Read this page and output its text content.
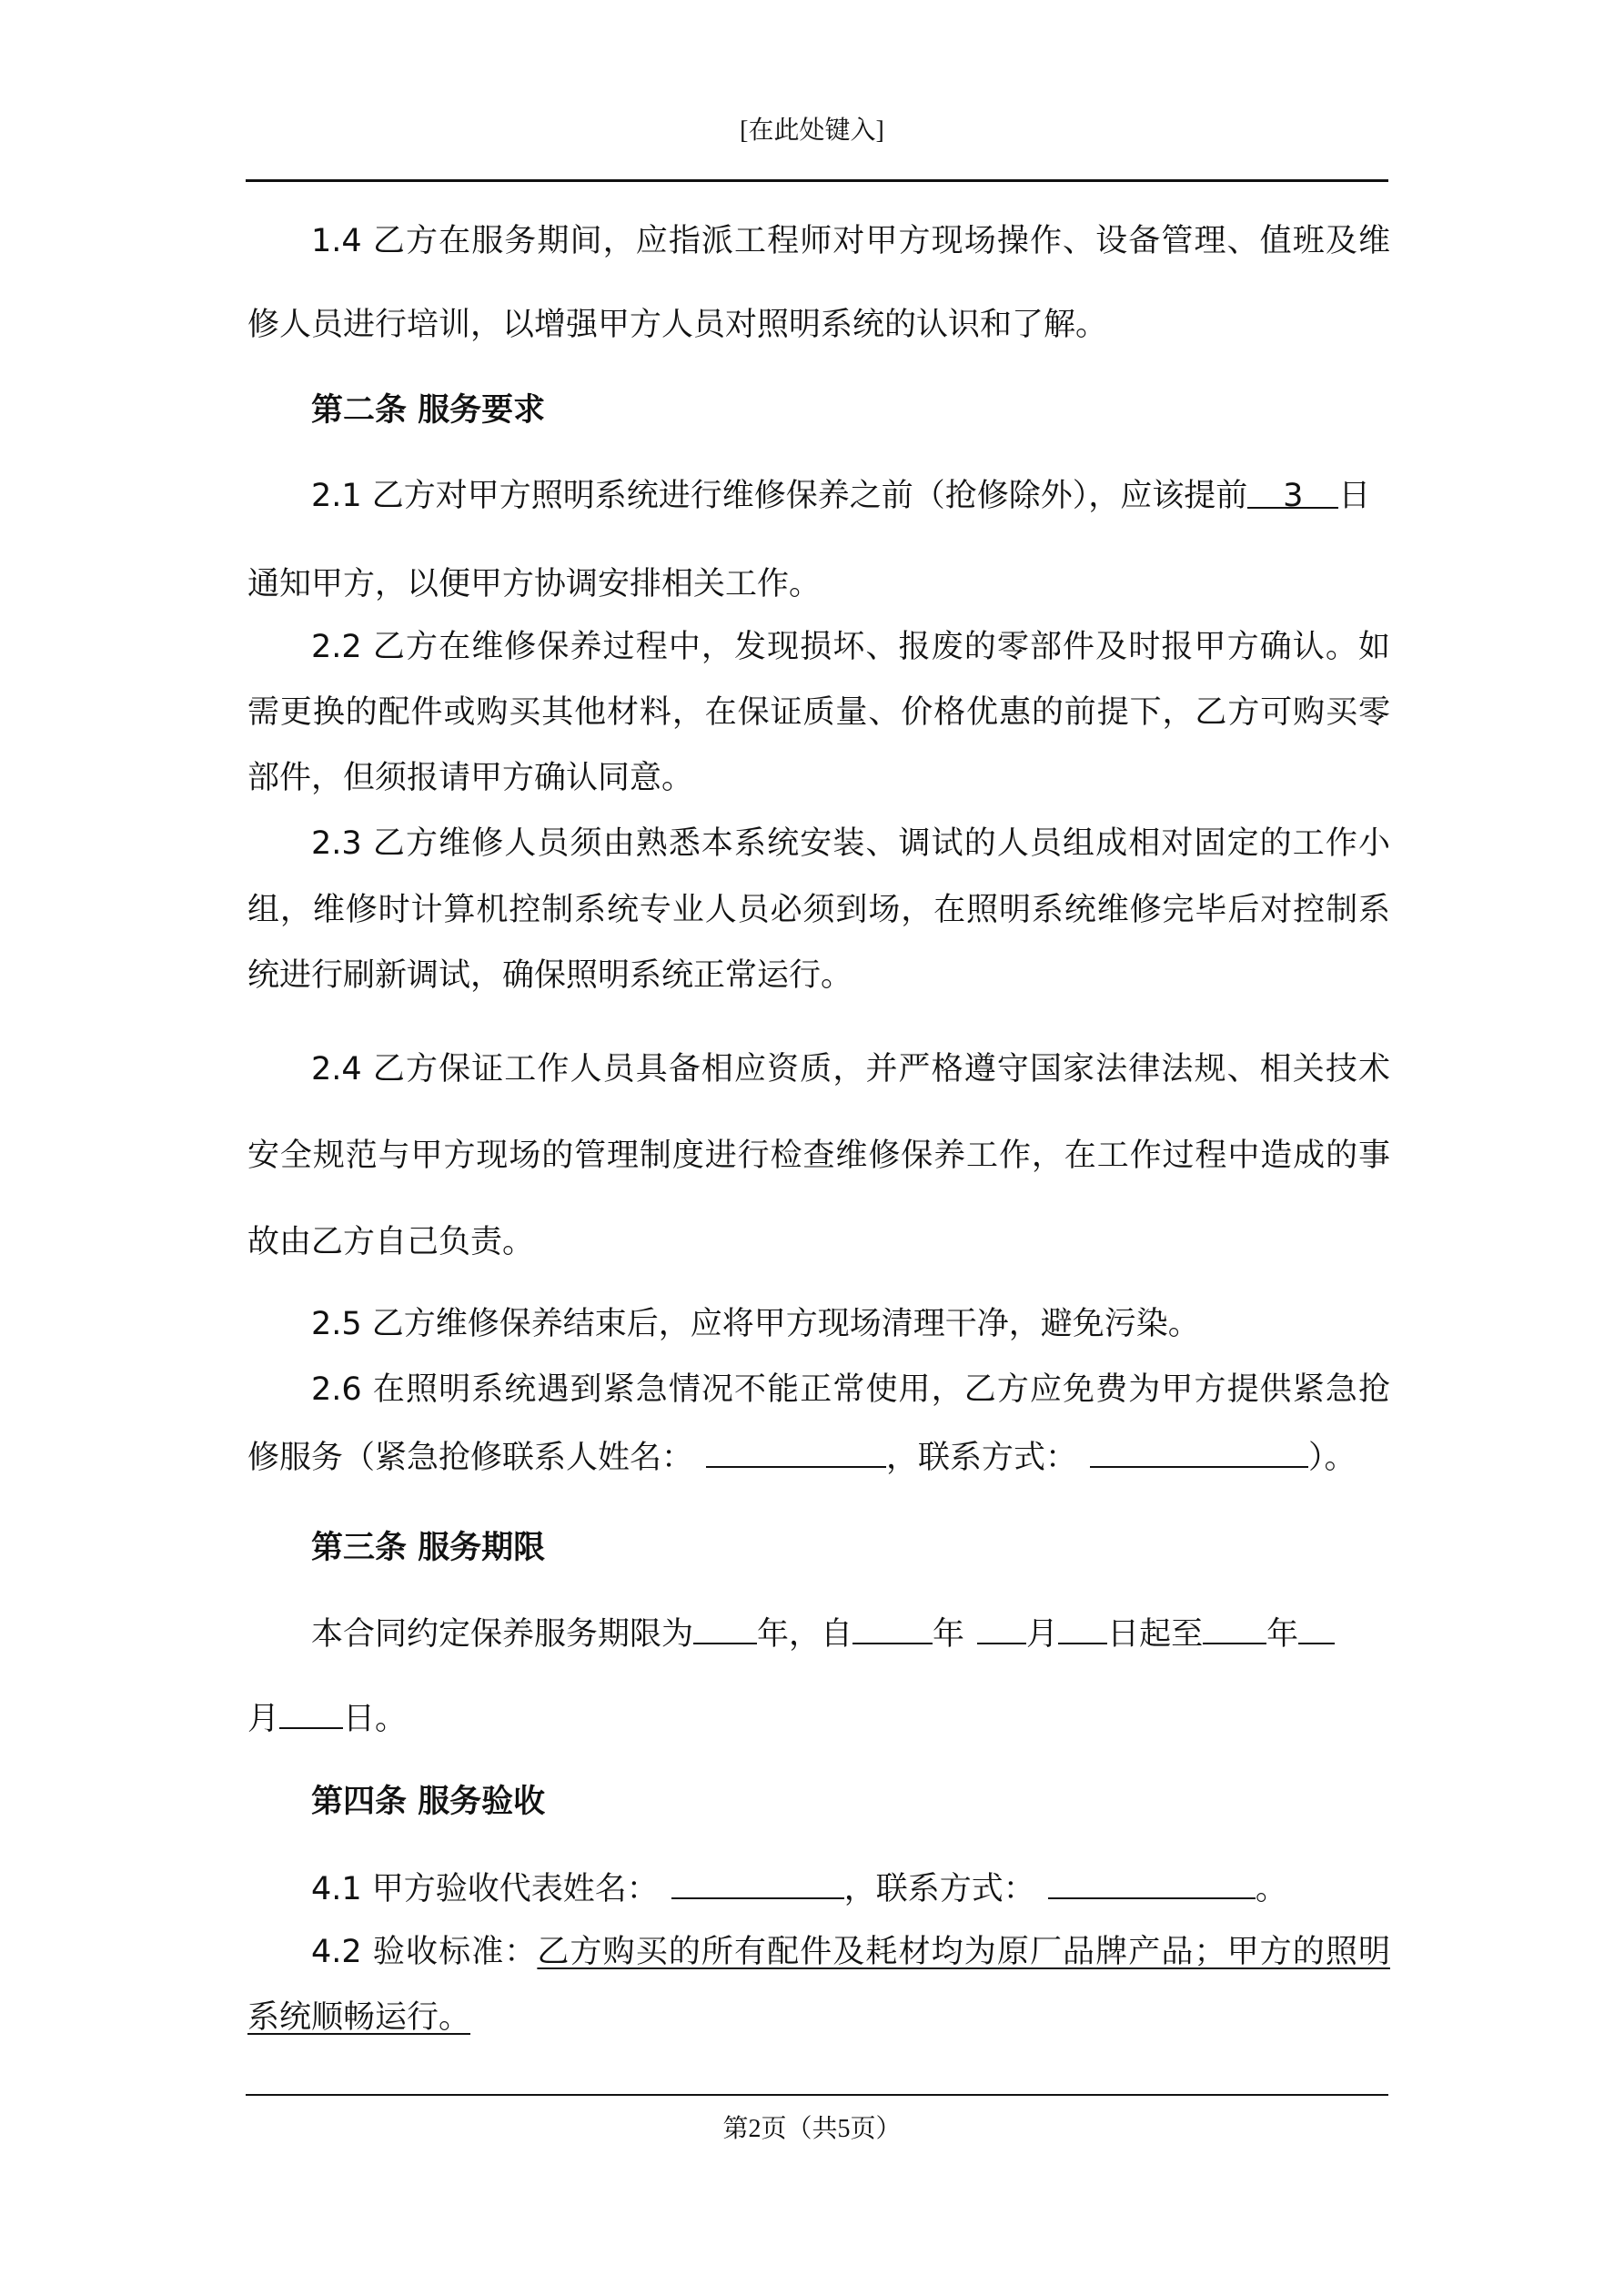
[在此处键入]
1.4 乙方在服务期间，应指派工程师对甲方现场操作、设备管理、值班及维
修人员进行培训，以增强甲方人员对照明系统的认识和了解。
第二条 服务要求
2.1 乙方对甲方照明系统进行维修保养之前（抢修除外），应该提前 3 日
通知甲方，以便甲方协调安排相关工作。
2.2 乙方在维修保养过程中，发现损坏、报废的零部件及时报甲方确认。如
需更换的配件或购买其他材料，在保证质量、价格优惠的前提下，乙方可购买零
部件，但须报请甲方确认同意。
2.3 乙方维修人员须由熟悉本系统安装、调试的人员组成相对固定的工作小
组，维修时计算机控制系统专业人员必须到场，在照明系统维修完毕后对控制系
统进行刷新调试，确保照明系统正常运行。
2.4 乙方保证工作人员具备相应资质，并严格遵守国家法律法规、相关技术
安全规范与甲方现场的管理制度进行检查维修保养工作，在工作过程中造成的事
故由乙方自己负责。
2.5 乙方维修保养结束后，应将甲方现场清理干净，避免污染。
2.6 在照明系统遇到紧急情况不能正常使用，乙方应免费为甲方提供紧急抢
修服务（紧急抢修联系人姓名：	，联系方式：	）。
第三条 服务期限
本合同约定保养服务期限为 年，自	年 月 日起至 年
月 日。
第四条 服务验收
4.1 甲方验收代表姓名：	，联系方式：	。
4.2 验收标准：乙方购买的所有配件及耗材均为原厂品牌产品；甲方的照明
系统顺畅运行。
第2页（共5页）
